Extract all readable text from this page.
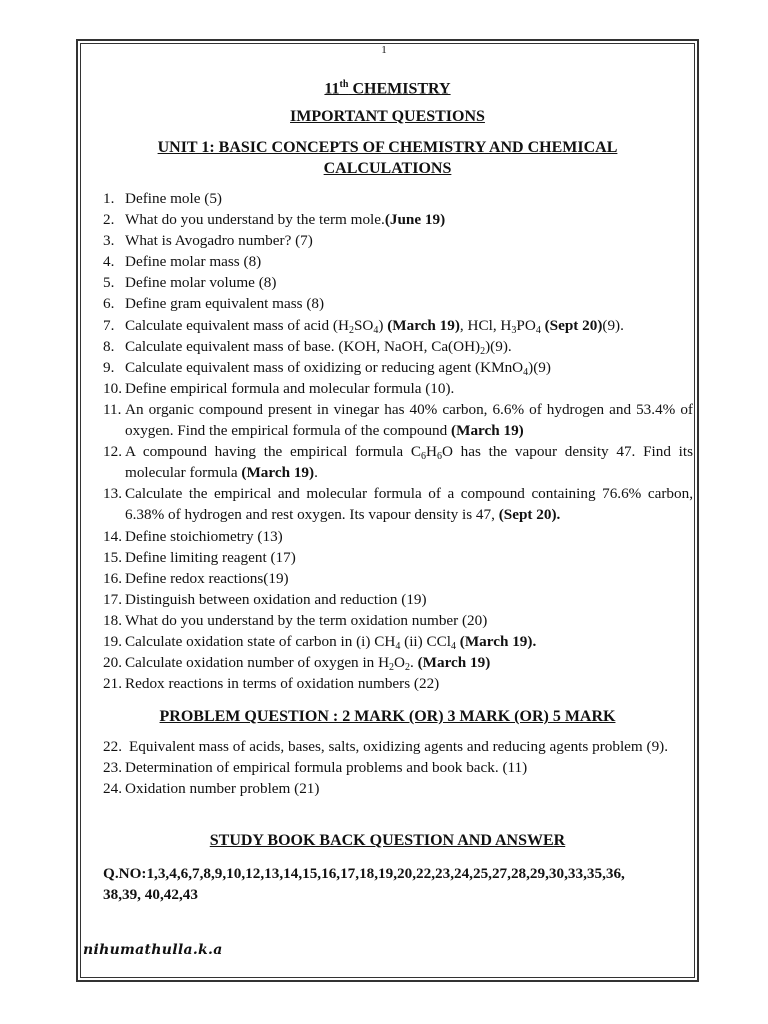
1
11th CHEMISTRY
IMPORTANT QUESTIONS
UNIT 1: BASIC CONCEPTS OF CHEMISTRY AND CHEMICAL
CALCULATIONS
1. Define mole (5)
2. What do you understand by the term mole.(June 19)
3. What is Avogadro number? (7)
4. Define molar mass (8)
5. Define molar volume (8)
6. Define gram equivalent mass (8)
7. Calculate equivalent mass of acid $(H_2SO_4)$ (March 19), HCl, $H_3PO_4$ (Sept 20)(9).
8. Calculate equivalent mass of base. (KOH, NaOH, $Ca(OH)_2)(9)$.
9. Calculate equivalent mass of oxidizing or reducing agent (KMnO$_4$)(9)
10. Define empirical formula and molecular formula (10).
11. An organic compound present in vinegar has 40% carbon, 6.6% of hydrogen and 53.4% of oxygen. Find the empirical formula of the compound (March 19)
12. A compound having the empirical formula $C_6H_6O$ has the vapour density 47. Find its molecular formula (March 19).
13. Calculate the empirical and molecular formula of a compound containing 76.6% carbon, 6.38% of hydrogen and rest oxygen. Its vapour density is 47, (Sept 20).
14. Define stoichiometry (13)
15. Define limiting reagent (17)
16. Define redox reactions(19)
17. Distinguish between oxidation and reduction (19)
18. What do you understand by the term oxidation number (20)
19. Calculate oxidation state of carbon in (i) $CH_4$ (ii) CCl$_4$ (March 19).
20. Calculate oxidation number of oxygen in $H_2O_2$. (March 19)
21. Redox reactions in terms of oxidation numbers (22)
PROBLEM QUESTION : 2 MARK (OR) 3 MARK (OR) 5 MARK
22. Equivalent mass of acids, bases, salts, oxidizing agents and reducing agents problem (9).
23. Determination of empirical formula problems and book back. (11)
24. Oxidation number problem (21)
STUDY BOOK BACK QUESTION AND ANSWER
Q.NO:1,3,4,6,7,8,9,10,12,13,14,15,16,17,18,19,20,22,23,24,25,27,28,29,30,33,35,36,
38,39, 40,42,43
nihumathulla.k.a
